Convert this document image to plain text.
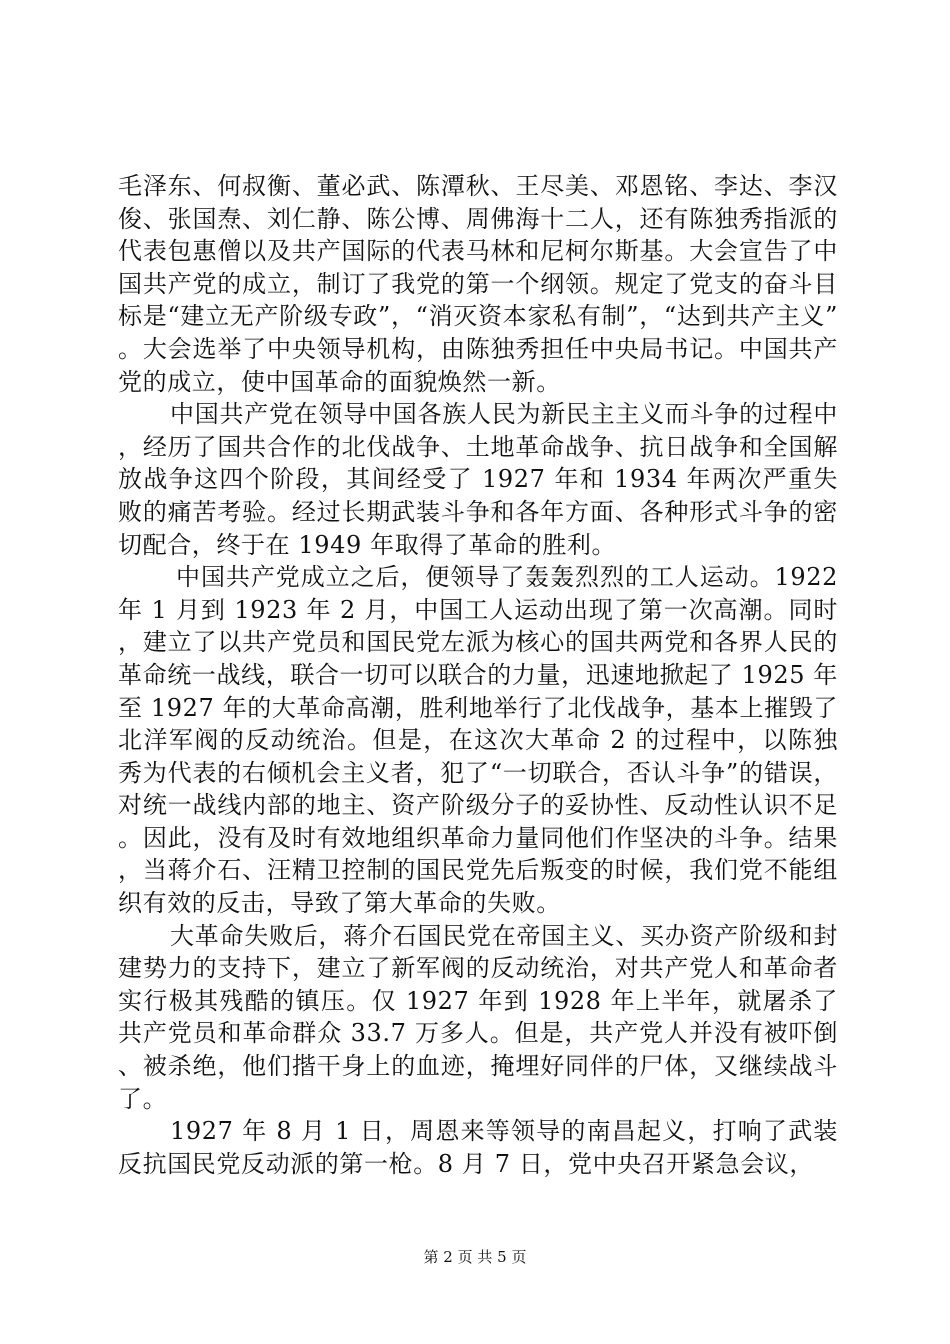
毛泽东、何叔衡、董必武、陈潭秋、王尽美、邓恩铭、李达、李汉俊、张国焘、刘仁静、陈公博、周佛海十二人，还有陈独秀指派的代表包惠僧以及共产国际的代表马林和尼柯尔斯基。大会宣告了中国共产党的成立，制订了我党的第一个纲领。规定了党支的奋斗目标是“建立无产阶级专政”，“消灭资本家私有制”，“达到共产主义”。大会选举了中央领导机构，由陈独秀担任中央局书记。中国共产党的成立，使中国革命的面貌焕然一新。

中国共产党在领导中国各族人民为新民主主义而斗争的过程中，经历了国共合作的北伐战争、土地革命战争、抗日战争和全国解放战争这四个阶段，其间经受了 1927 年和 1934 年两次严重失败的痛苦考验。经过长期武装斗争和各年方面、各种形式斗争的密切配合，终于在 1949 年取得了革命的胜利。

中国共产党成立之后，便领导了轰轰烈烈的工人运动。1922 年 1 月到 1923 年 2 月，中国工人运动出现了第一次高潮。同时，建立了以共产党员和国民党左派为核心的国共两党和各界人民的革命统一战线，联合一切可以联合的力量，迅速地掀起了 1925 年至 1927 年的大革命高潮，胜利地举行了北伐战争，基本上摧毁了北洋军阀的反动统治。但是，在这次大革命 2 的过程中，以陈独秀为代表的右倾机会主义者，犯了“一切联合，否认斗争”的错误，对统一战线内部的地主、资产阶级分子的妥协性、反动性认识不足。因此，没有及时有效地组织革命力量同他们作坚决的斗争。结果，当蒋介石、汪精卫控制的国民党先后叛变的时候，我们党不能组织有效的反击，导致了第大革命的失败。

大革命失败后，蒋介石国民党在帝国主义、买办资产阶级和封建势力的支持下，建立了新军阀的反动统治，对共产党人和革命者实行极其残酷的镇压。仅 1927 年到 1928 年上半年，就屠杀了共产党员和革命群众 33.7 万多人。但是，共产党人并没有被吓倒、被杀绝，他们揩干身上的血迹，掩埋好同伴的尸体，又继续战斗了。

1927 年 8 月 1 日，周恩来等领导的南昌起义，打响了武装反抗国民党反动派的第一枪。8 月 7 日，党中央召开紧急会议，

第 2 页 共 5 页
